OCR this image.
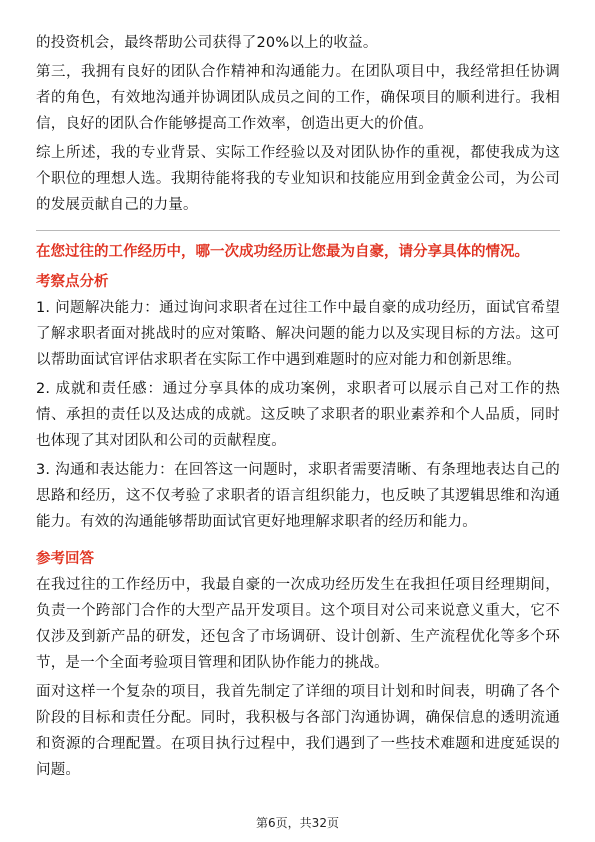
的投资机会，最终帮助公司获得了20%以上的收益。

第三，我拥有良好的团队合作精神和沟通能力。在团队项目中，我经常担任协调者的角色，有效地沟通并协调团队成员之间的工作，确保项目的顺利进行。我相信，良好的团队合作能够提高工作效率，创造出更大的价值。

综上所述，我的专业背景、实际工作经验以及对团队协作的重视，都使我成为这个职位的理想人选。我期待能将我的专业知识和技能应用到金黄金公司，为公司的发展贡献自己的力量。

在您过往的工作经历中，哪一次成功经历让您最为自豪，请分享具体的情况。

考察点分析

1. 问题解决能力：通过询问求职者在过往工作中最自豪的成功经历，面试官希望了解求职者面对挑战时的应对策略、解决问题的能力以及实现目标的方法。这可以帮助面试官评估求职者在实际工作中遇到难题时的应对能力和创新思维。

2. 成就和责任感：通过分享具体的成功案例，求职者可以展示自己对工作的热情、承担的责任以及达成的成就。这反映了求职者的职业素养和个人品质，同时也体现了其对团队和公司的贡献程度。

3. 沟通和表达能力：在回答这一问题时，求职者需要清晰、有条理地表达自己的思路和经历，这不仅考验了求职者的语言组织能力，也反映了其逻辑思维和沟通能力。有效的沟通能够帮助面试官更好地理解求职者的经历和能力。

参考回答

在我过往的工作经历中，我最自豪的一次成功经历发生在我担任项目经理期间，负责一个跨部门合作的大型产品开发项目。这个项目对公司来说意义重大，它不仅涉及到新产品的研发，还包含了市场调研、设计创新、生产流程优化等多个环节，是一个全面考验项目管理和团队协作能力的挑战。

面对这样一个复杂的项目，我首先制定了详细的项目计划和时间表，明确了各个阶段的目标和责任分配。同时，我积极与各部门沟通协调，确保信息的透明流通和资源的合理配置。在项目执行过程中，我们遇到了一些技术难题和进度延误的问题。

第6页，共32页
